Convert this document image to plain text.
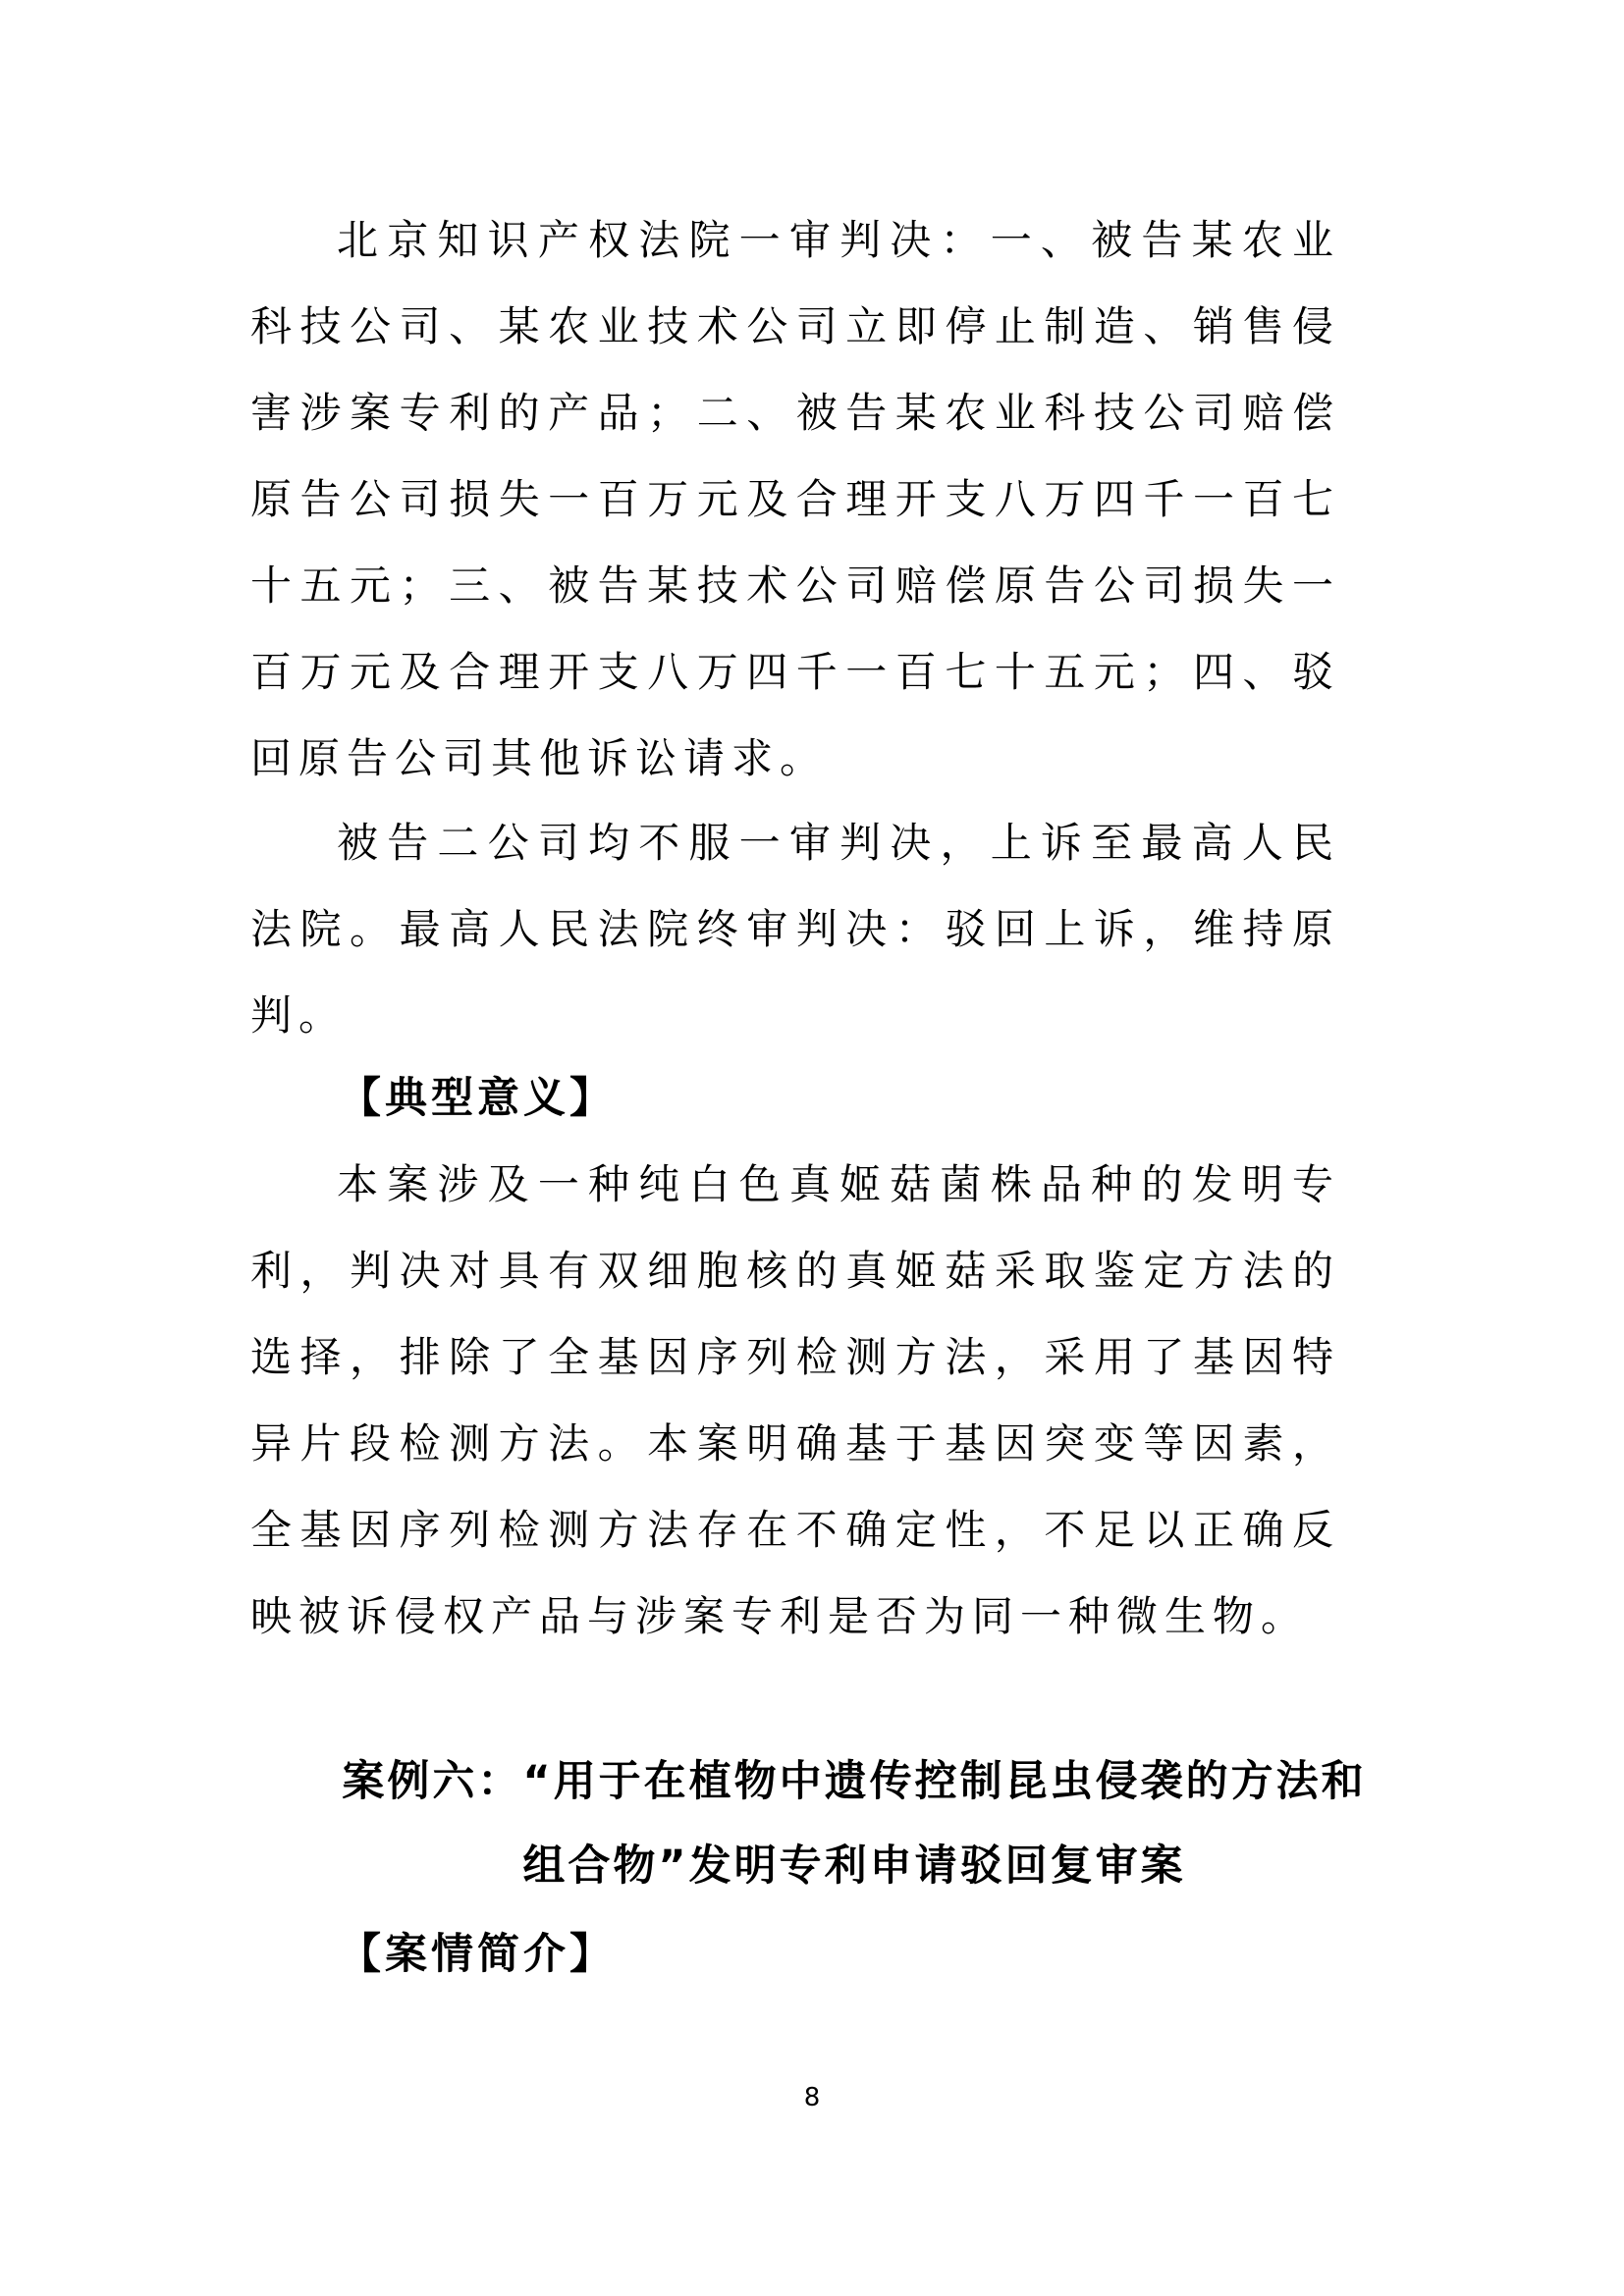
北京知识产权法院一审判决：一、被告某农业科技公司、某农业技术公司立即停止制造、销售侵害涉案专利的产品；二、被告某农业科技公司赔偿原告公司损失一百万元及合理开支八万四千一百七十五元；三、被告某技术公司赔偿原告公司损失一百万元及合理开支八万四千一百七十五元；四、驳回原告公司其他诉讼请求。

被告二公司均不服一审判决，上诉至最高人民法院。最高人民法院终审判决：驳回上诉，维持原判。

【典型意义】

本案涉及一种纯白色真姬菇菌株品种的发明专利，判决对具有双细胞核的真姬菇采取鉴定方法的选择，排除了全基因序列检测方法，采用了基因特异片段检测方法。本案明确基于基因突变等因素，全基因序列检测方法存在不确定性，不足以正确反映被诉侵权产品与涉案专利是否为同一种微生物。

案例六：“用于在植物中遗传控制昆虫侵袭的方法和
组合物”发明专利申请驳回复审案
【案情简介】
8
